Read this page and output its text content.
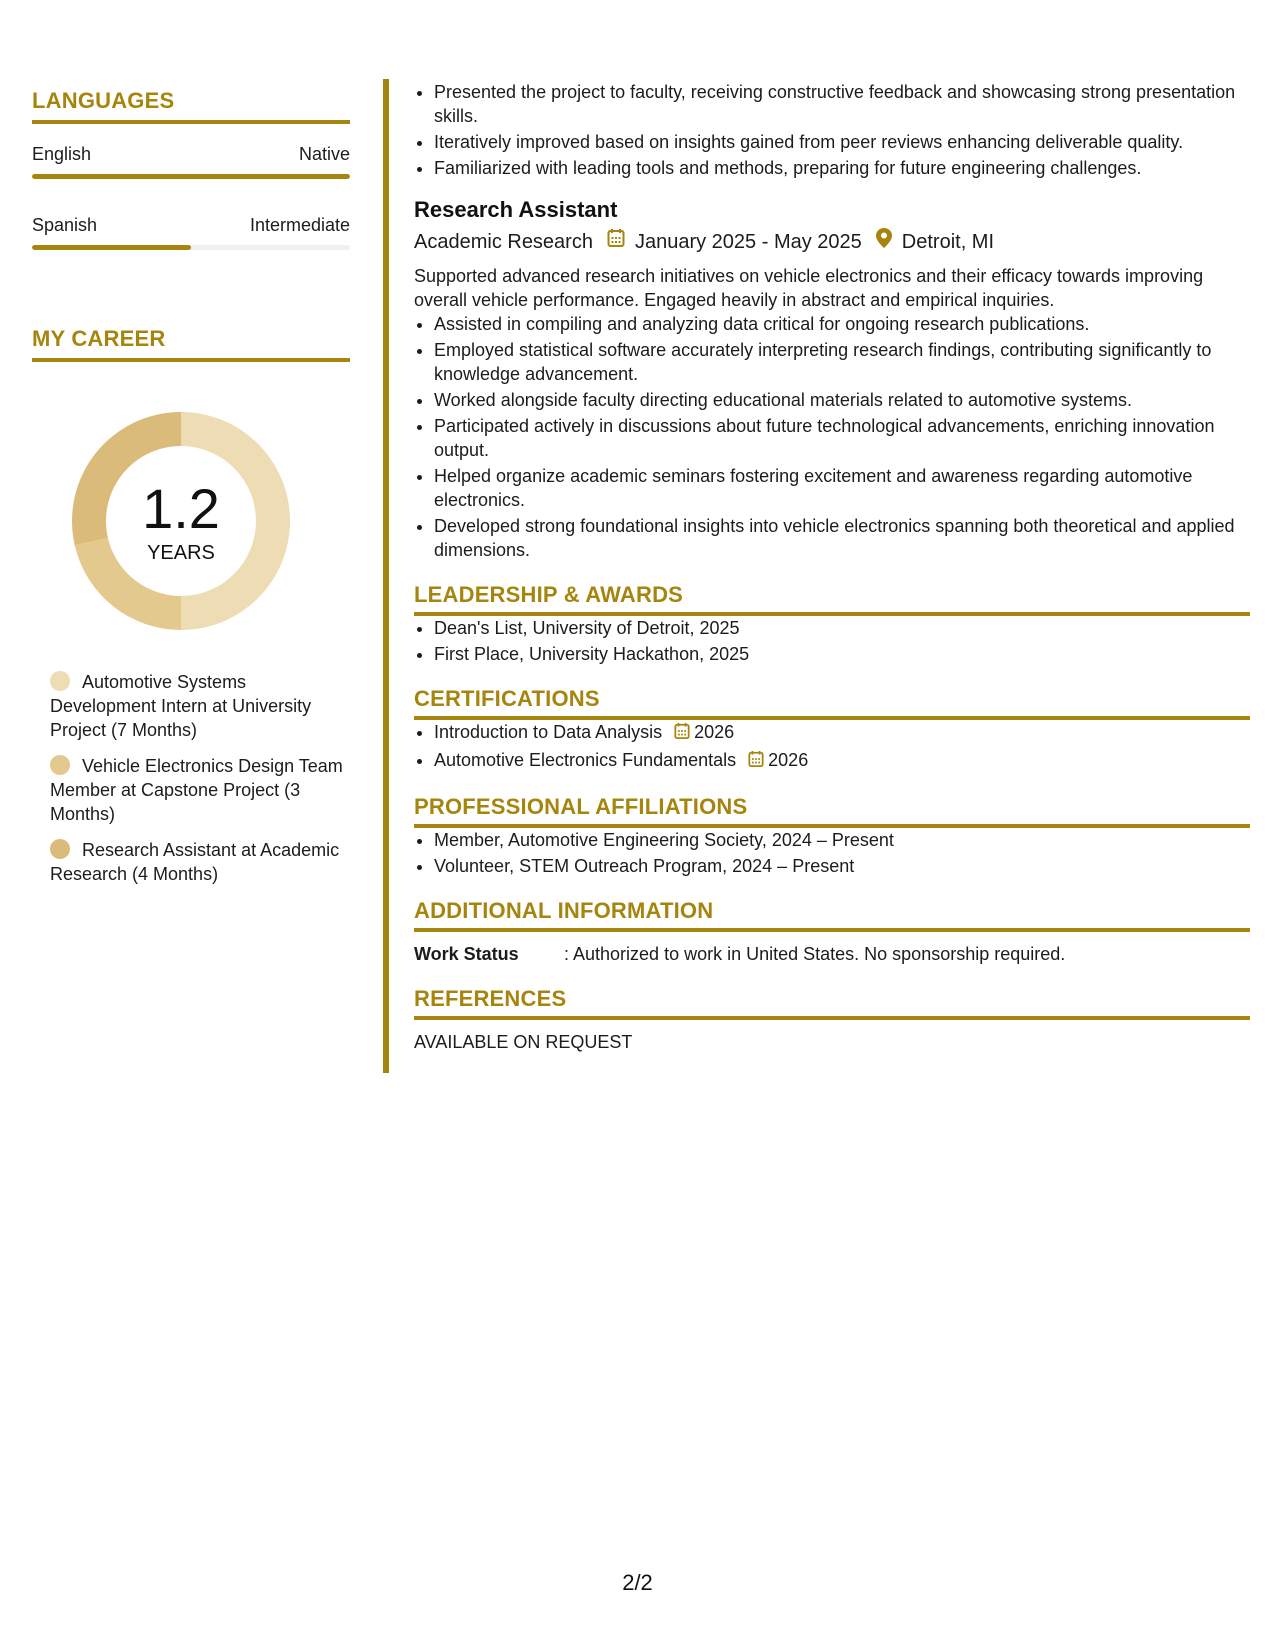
LANGUAGES
English	Native
Spanish	Intermediate
MY CAREER
1.2
YEARS
Automotive Systems Development Intern at University Project (7 Months)
Vehicle Electronics Design Team Member at Capstone Project (3 Months)
Research Assistant at Academic Research (4 Months)
• Presented the project to faculty, receiving constructive feedback and showcasing strong presentation skills.
• Iteratively improved based on insights gained from peer reviews enhancing deliverable quality.
• Familiarized with leading tools and methods, preparing for future engineering challenges.
Research Assistant
Academic Research January 2025 - May 2025 Detroit, MI
Supported advanced research initiatives on vehicle electronics and their efficacy towards improving overall vehicle performance. Engaged heavily in abstract and empirical inquiries.
• Assisted in compiling and analyzing data critical for ongoing research publications.
• Employed statistical software accurately interpreting research findings, contributing significantly to knowledge advancement.
• Worked alongside faculty directing educational materials related to automotive systems.
• Participated actively in discussions about future technological advancements, enriching innovation output.
• Helped organize academic seminars fostering excitement and awareness regarding automotive electronics.
• Developed strong foundational insights into vehicle electronics spanning both theoretical and applied dimensions.
LEADERSHIP & AWARDS
• Dean's List, University of Detroit, 2025
• First Place, University Hackathon, 2025
CERTIFICATIONS
• Introduction to Data Analysis 2026
• Automotive Electronics Fundamentals 2026
PROFESSIONAL AFFILIATIONS
• Member, Automotive Engineering Society, 2024 – Present
• Volunteer, STEM Outreach Program, 2024 – Present
ADDITIONAL INFORMATION
Work Status	: Authorized to work in United States. No sponsorship required.
REFERENCES
AVAILABLE ON REQUEST
2/2
